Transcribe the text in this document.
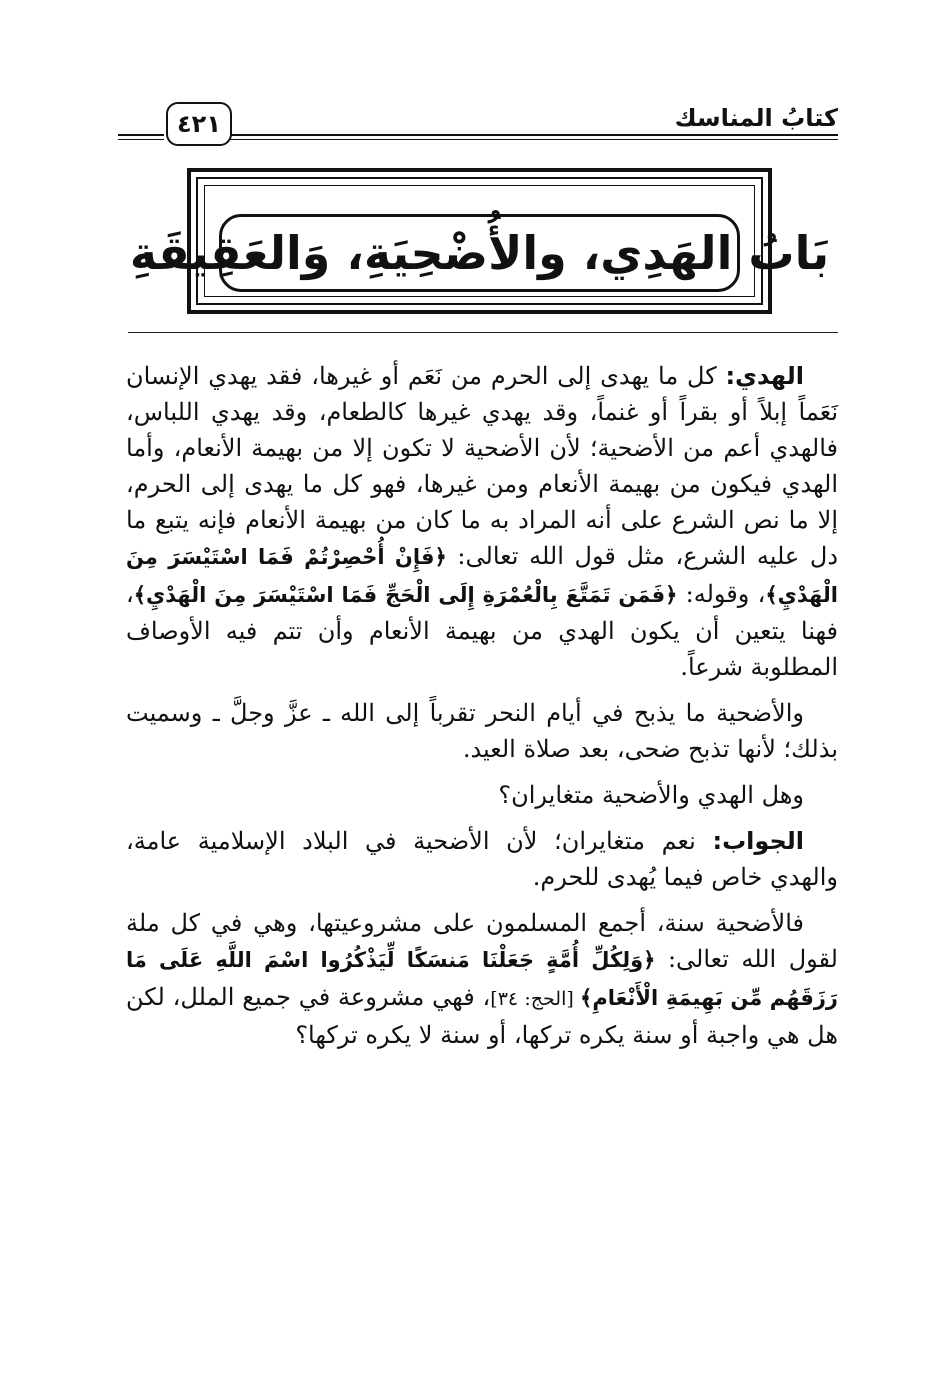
٤٢١	كتابُ المناسك
بَابُ الهَدِي، والأُضْحِيَةِ، وَالعَقِيقَةِ

الهدي: كل ما يهدى إلى الحرم من نَعَم أو غيرها، فقد يهدي الإنسان نَعَماً إبلاً أو بقراً أو غنماً، وقد يهدي غيرها كالطعام، وقد يهدي اللباس، فالهدي أعم من الأضحية؛ لأن الأضحية لا تكون إلا من بهيمة الأنعام، وأما الهدي فيكون من بهيمة الأنعام ومن غيرها، فهو كل ما يهدى إلى الحرم، إلا ما نص الشرع على أنه المراد به ما كان من بهيمة الأنعام فإنه يتبع ما دل عليه الشرع، مثل قول الله تعالى: ﴿فَإِنْ أُحْصِرْتُمْ فَمَا اسْتَيْسَرَ مِنَ الْهَدْيِ﴾، وقوله: ﴿فَمَن تَمَتَّعَ بِالْعُمْرَةِ إِلَى الْحَجِّ فَمَا اسْتَيْسَرَ مِنَ الْهَدْيِ﴾، فهنا يتعين أن يكون الهدي من بهيمة الأنعام وأن تتم فيه الأوصاف المطلوبة شرعاً.

والأضحية ما يذبح في أيام النحر تقرباً إلى الله ـ عزَّ وجلَّ ـ وسميت بذلك؛ لأنها تذبح ضحى، بعد صلاة العيد.

وهل الهدي والأضحية متغايران؟

الجواب: نعم متغايران؛ لأن الأضحية في البلاد الإسلامية عامة، والهدي خاص فيما يُهدى للحرم.

فالأضحية سنة، أجمع المسلمون على مشروعيتها، وهي في كل ملة لقول الله تعالى: ﴿وَلِكُلِّ أُمَّةٍ جَعَلْنَا مَنسَكًا لِّيَذْكُرُوا اسْمَ اللَّهِ عَلَى مَا رَزَقَهُم مِّن بَهِيمَةِ الْأَنْعَامِ﴾ [الحج: ٣٤]، فهي مشروعة في جميع الملل، لكن هل هي واجبة أو سنة يكره تركها، أو سنة لا يكره تركها؟
